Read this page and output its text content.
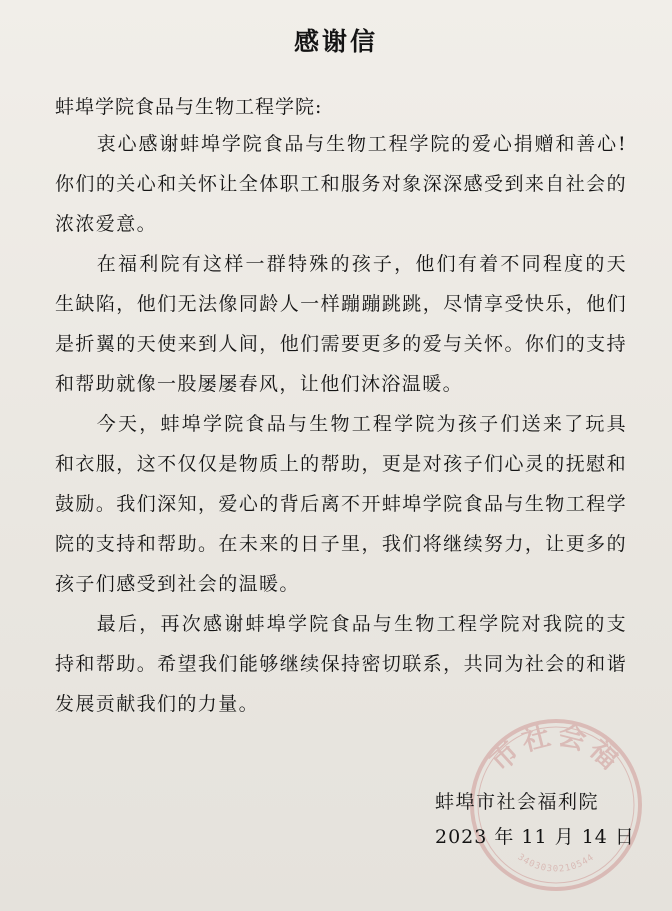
感谢信
蚌埠学院食品与生物工程学院:
衷心感谢蚌埠学院食品与生物工程学院的爱心捐赠和善心!你们的关心和关怀让全体职工和服务对象深深感受到来自社会的浓浓爱意。
在福利院有这样一群特殊的孩子，他们有着不同程度的天生缺陷，他们无法像同龄人一样蹦蹦跳跳，尽情享受快乐，他们是折翼的天使来到人间，他们需要更多的爱与关怀。你们的支持和帮助就像一股屡屡春风，让他们沐浴温暖。
今天，蚌埠学院食品与生物工程学院为孩子们送来了玩具和衣服，这不仅仅是物质上的帮助，更是对孩子们心灵的抚慰和鼓励。我们深知，爱心的背后离不开蚌埠学院食品与生物工程学院的支持和帮助。在未来的日子里，我们将继续努力，让更多的孩子们感受到社会的温暖。
最后，再次感谢蚌埠学院食品与生物工程学院对我院的支持和帮助。希望我们能够继续保持密切联系，共同为社会的和谐发展贡献我们的力量。
市社会福
3403030210544
蚌埠市社会福利院
2023 年 11 月 14 日
